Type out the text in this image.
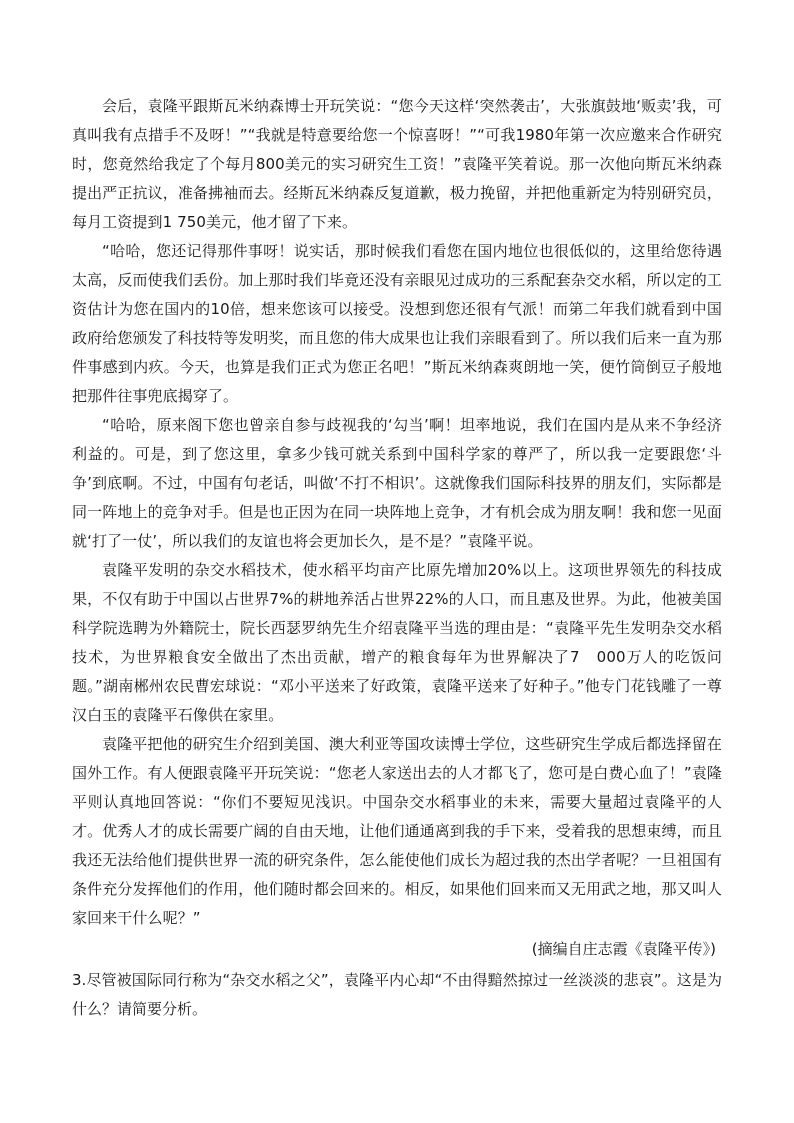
会后，袁隆平跟斯瓦米纳森博士开玩笑说：“您今天这样‘突然袭击’，大张旗鼓地‘贩卖’我，可真叫我有点措手不及呀！”“我就是特意要给您一个惊喜呀！”“可我1980年第一次应邀来合作研究时，您竟然给我定了个每月800美元的实习研究生工资！”袁隆平笑着说。那一次他向斯瓦米纳森提出严正抗议，准备拂袖而去。经斯瓦米纳森反复道歉，极力挽留，并把他重新定为特别研究员，每月工资提到1 750美元，他才留了下来。

“哈哈，您还记得那件事呀！说实话，那时候我们看您在国内地位也很低似的，这里给您待遇太高，反而使我们丢份。加上那时我们毕竟还没有亲眼见过成功的三系配套杂交水稻，所以定的工资估计为您在国内的10倍，想来您该可以接受。没想到您还很有气派！而第二年我们就看到中国政府给您颁发了科技特等发明奖，而且您的伟大成果也让我们亲眼看到了。所以我们后来一直为那件事感到内疚。今天，也算是我们正式为您正名吧！”斯瓦米纳森爽朗地一笑，便竹筒倒豆子般地把那件往事兜底揭穿了。

“哈哈，原来阁下您也曾亲自参与歧视我的‘勾当’啊！坦率地说，我们在国内是从来不争经济利益的。可是，到了您这里，拿多少钱可就关系到中国科学家的尊严了，所以我一定要跟您‘斗争’到底啊。不过，中国有句老话，叫做‘不打不相识’。这就像我们国际科技界的朋友们，实际都是同一阵地上的竞争对手。但是也正因为在同一块阵地上竞争，才有机会成为朋友啊！我和您一见面就‘打了一仗’，所以我们的友谊也将会更加长久，是不是？”袁隆平说。

袁隆平发明的杂交水稻技术，使水稻平均亩产比原先增加20%以上。这项世界领先的科技成果，不仅有助于中国以占世界7%的耕地养活占世界22%的人口，而且惠及世界。为此，他被美国科学院选聘为外籍院士，院长西瑟罗纳先生介绍袁隆平当选的理由是：“袁隆平先生发明杂交水稻技术，为世界粮食安全做出了杰出贡献，增产的粮食每年为世界解决了7　000万人的吃饭问题。”湖南郴州农民曹宏球说：“邓小平送来了好政策，袁隆平送来了好种子。”他专门花钱雕了一尊汉白玉的袁隆平石像供在家里。

袁隆平把他的研究生介绍到美国、澳大利亚等国攻读博士学位，这些研究生学成后都选择留在国外工作。有人便跟袁隆平开玩笑说：“您老人家送出去的人才都飞了，您可是白费心血了！”袁隆平则认真地回答说：“你们不要短见浅识。中国杂交水稻事业的未来，需要大量超过袁隆平的人才。优秀人才的成长需要广阔的自由天地，让他们通通离到我的手下来，受着我的思想束缚，而且我还无法给他们提供世界一流的研究条件，怎么能使他们成长为超过我的杰出学者呢？一旦祖国有条件充分发挥他们的作用，他们随时都会回来的。相反，如果他们回来而又无用武之地，那又叫人家回来干什么呢？”

(摘编自庄志霞《袁隆平传》)

3.尽管被国际同行称为“杂交水稻之父”，袁隆平内心却“不由得黯然掠过一丝淡淡的悲哀”。这是为什么？请简要分析。
